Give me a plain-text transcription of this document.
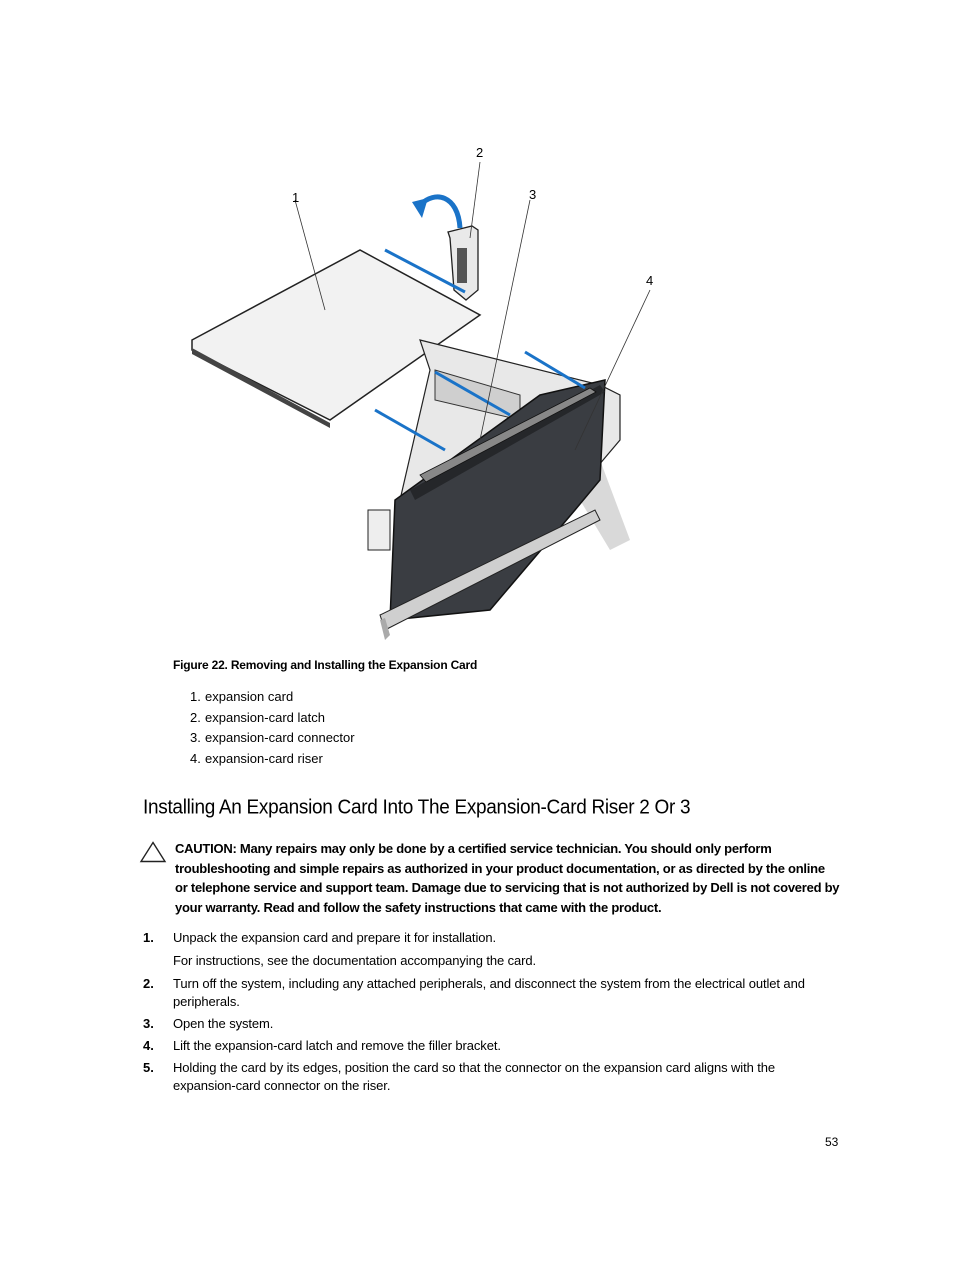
1
2
3
4
Figure 22. Removing and Installing the Expansion Card
1. expansion card
2. expansion-card latch
3. expansion-card connector
4. expansion-card riser
Installing An Expansion Card Into The Expansion-Card Riser 2 Or 3
CAUTION: Many repairs may only be done by a certified service technician. You should only perform troubleshooting and simple repairs as authorized in your product documentation, or as directed by the online or telephone service and support team. Damage due to servicing that is not authorized by Dell is not covered by your warranty. Read and follow the safety instructions that came with the product.
1. Unpack the expansion card and prepare it for installation.
For instructions, see the documentation accompanying the card.
2. Turn off the system, including any attached peripherals, and disconnect the system from the electrical outlet and peripherals.
3. Open the system.
4. Lift the expansion-card latch and remove the filler bracket.
5. Holding the card by its edges, position the card so that the connector on the expansion card aligns with the expansion-card connector on the riser.
53
